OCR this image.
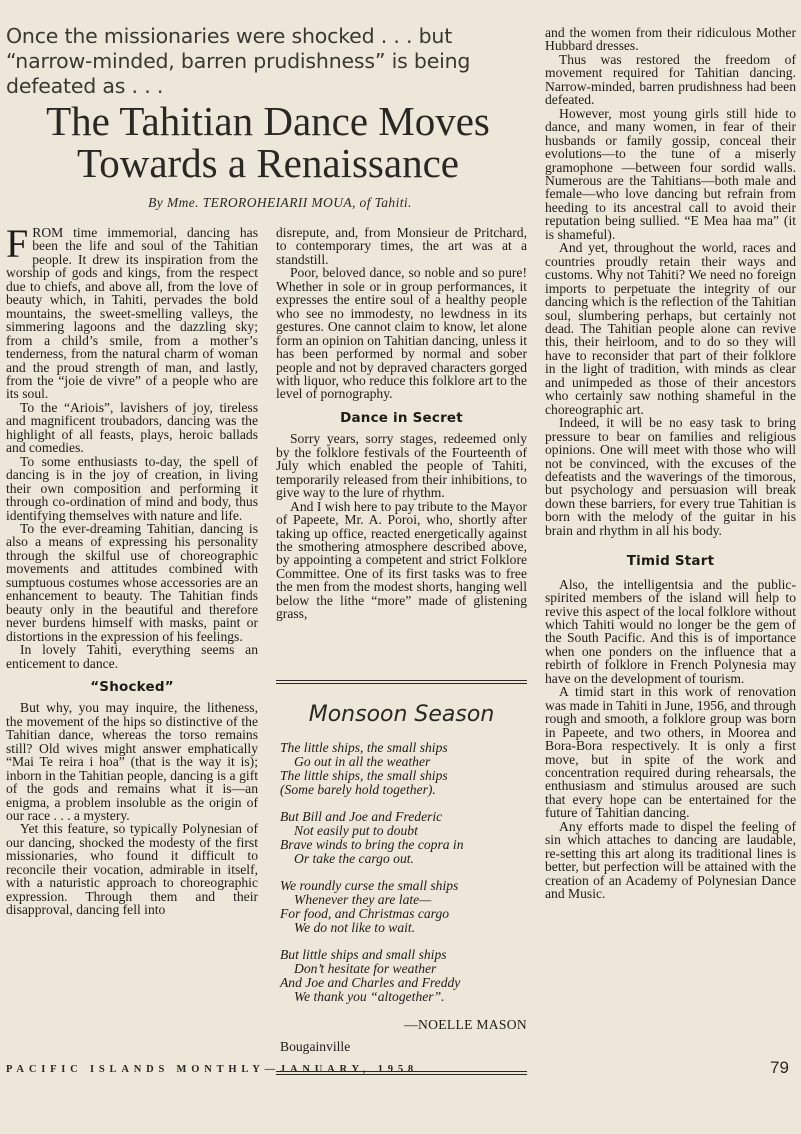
Once the missionaries were shocked . . . but “narrow-minded, barren prudishness” is being defeated as . . .
The Tahitian Dance Moves
Towards a Renaissance
By Mme. TEROROHEIARII MOUA, of Tahiti.

FROM time immemorial, dancing has been the life and soul of the Tahitian people. It drew its inspiration from the worship of gods and kings, from the respect due to chiefs, and above all, from the love of beauty which, in Tahiti, pervades the bold mountains, the sweet-smelling valleys, the simmering lagoons and the dazzling sky; from a child’s smile, from a mother’s tenderness, from the natural charm of woman and the proud strength of man, and lastly, from the “joie de vivre” of a people who are its soul.

To the “Ariois”, lavishers of joy, tireless and magnificent troubadors, dancing was the highlight of all feasts, plays, heroic ballads and comedies.

To some enthusiasts to-day, the spell of dancing is in the joy of creation, in living their own composition and performing it through co-ordination of mind and body, thus identifying themselves with nature and life.

To the ever-dreaming Tahitian, dancing is also a means of expressing his personality through the skilful use of choreographic movements and attitudes combined with sumptuous costumes whose accessories are an enhancement to beauty. The Tahitian finds beauty only in the beautiful and therefore never burdens himself with masks, paint or distortions in the expression of his feelings.

In lovely Tahiti, everything seems an enticement to dance.

“Shocked”

But why, you may inquire, the litheness, the movement of the hips so distinctive of the Tahitian dance, whereas the torso remains still? Old wives might answer emphatically “Mai Te reira i hoa” (that is the way it is); inborn in the Tahitian people, dancing is a gift of the gods and remains what it is—an enigma, a problem insoluble as the origin of our race . . . a mystery.

Yet this feature, so typically Polynesian of our dancing, shocked the modesty of the first missionaries, who found it difficult to reconcile their vocation, admirable in itself, with a naturistic approach to choreographic expression. Through them and their disapproval, dancing fell into

disrepute, and, from Monsieur de Pritchard, to contemporary times, the art was at a standstill.

Poor, beloved dance, so noble and so pure! Whether in sole or in group performances, it expresses the entire soul of a healthy people who see no immodesty, no lewdness in its gestures. One cannot claim to know, let alone form an opinion on Tahitian dancing, unless it has been performed by normal and sober people and not by depraved characters gorged with liquor, who reduce this folklore art to the level of pornography.

Dance in Secret

Sorry years, sorry stages, redeemed only by the folklore festivals of the Fourteenth of July which enabled the people of Tahiti, temporarily released from their inhibitions, to give way to the lure of rhythm.

And I wish here to pay tribute to the Mayor of Papeete, Mr. A. Poroi, who, shortly after taking up office, reacted energetically against the smothering atmosphere described above, by appointing a competent and strict Folklore Committee. One of its first tasks was to free the men from the modest shorts, hanging well below the lithe “more” made of glistening grass,

Monsoon Season
The little ships, the small ships
Go out in all the weather
The little ships, the small ships
(Some barely hold together).
But Bill and Joe and Frederic
Not easily put to doubt
Brave winds to bring the copra in
Or take the cargo out.
We roundly curse the small ships
Whenever they are late—
For food, and Christmas cargo
We do not like to wait.
But little ships and small ships
Don’t hesitate for weather
And Joe and Charles and Freddy
We thank you “altogether”.
—NOELLE MASON
Bougainville

and the women from their ridiculous Mother Hubbard dresses.

Thus was restored the freedom of movement required for Tahitian dancing. Narrow-minded, barren prudishness had been defeated.

However, most young girls still hide to dance, and many women, in fear of their husbands or family gossip, conceal their evolutions—to the tune of a miserly gramophone —between four sordid walls. Numerous are the Tahitians—both male and female—who love dancing but refrain from heeding to its ancestral call to avoid their reputation being sullied. “E Mea haa ma” (it is shameful).

And yet, throughout the world, races and countries proudly retain their ways and customs. Why not Tahiti? We need no foreign imports to perpetuate the integrity of our dancing which is the reflection of the Tahitian soul, slumbering perhaps, but certainly not dead. The Tahitian people alone can revive this, their heirloom, and to do so they will have to reconsider that part of their folklore in the light of tradition, with minds as clear and unimpeded as those of their ancestors who certainly saw nothing shameful in the choreographic art.

Indeed, it will be no easy task to bring pressure to bear on families and religious opinions. One will meet with those who will not be convinced, with the excuses of the defeatists and the waverings of the timorous, but psychology and persuasion will break down these barriers, for every true Tahitian is born with the melody of the guitar in his brain and rhythm in all his body.

Timid Start

Also, the intelligentsia and the public-spirited members of the island will help to revive this aspect of the local folklore without which Tahiti would no longer be the gem of the South Pacific. And this is of importance when one ponders on the influence that a rebirth of folklore in French Polynesia may have on the development of tourism.

A timid start in this work of renovation was made in Tahiti in June, 1956, and through rough and smooth, a folklore group was born in Papeete, and two others, in Moorea and Bora-Bora respectively. It is only a first move, but in spite of the work and concentration required during rehearsals, the enthusiasm and stimulus aroused are such that every hope can be entertained for the future of Tahitian dancing.

Any efforts made to dispel the feeling of sin which attaches to dancing are laudable, re-setting this art along its traditional lines is better, but perfection will be attained with the creation of an Academy of Polynesian Dance and Music.

PACIFIC ISLANDS MONTHLY—JANUARY, 1958	79
